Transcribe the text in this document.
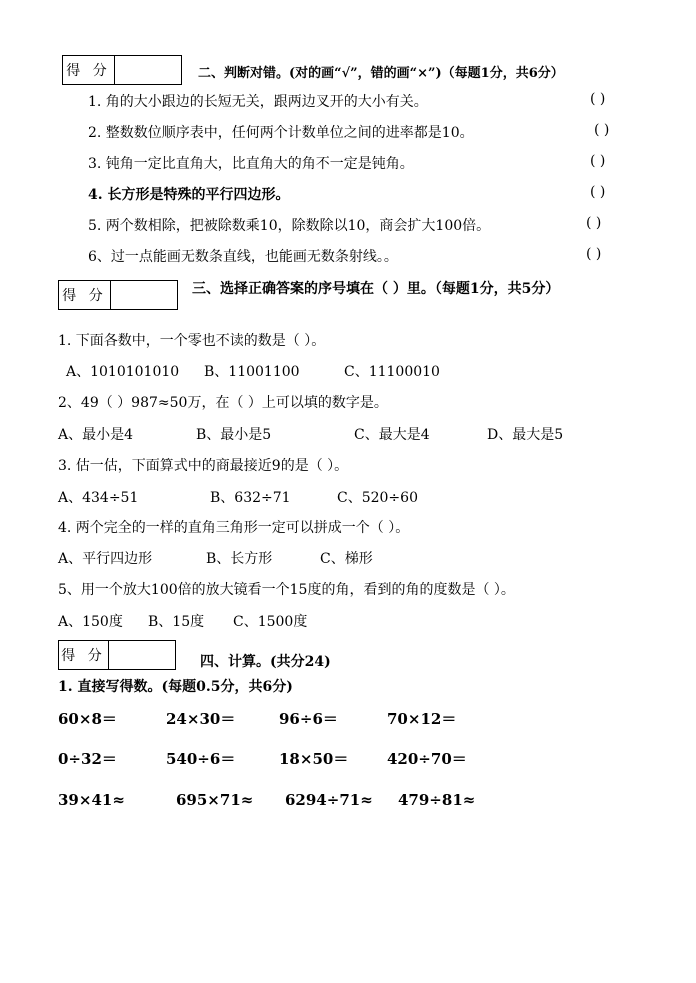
得 分	二、判断对错。(对的画“√”，错的画“×”)（每题1分，共6分）
1. 角的大小跟边的长短无关，跟两边叉开的大小有关。	( )
2. 整数数位顺序表中，任何两个计数单位之间的进率都是10。	( )
3. 钝角一定比直角大，比直角大的角不一定是钝角。	( )
4. 长方形是特殊的平行四边形。	( )
5. 两个数相除，把被除数乘10，除数除以10，商会扩大100倍。	( )
6、过一点能画无数条直线，也能画无数条射线。。	( )
得 分	三、选择正确答案的序号填在（ ）里。（每题1分，共5分）
1. 下面各数中，一个零也不读的数是（ ）。
A、1010101010 B、11001100	C、11100010
2、49（ ）987≈50万，在（ ）上可以填的数字是。
A、最小是4	B、最小是5	C、最大是4	D、最大是5
3. 估一估，下面算式中的商最接近9的是（ ）。
A、434÷51	B、632÷71	C、520÷60
4. 两个完全的一样的直角三角形一定可以拼成一个（ ）。
A、平行四边形	B、长方形	C、梯形
5、用一个放大100倍的放大镜看一个15度的角，看到的角的度数是（ ）。
A、150度 B、15度 C、1500度
得 分	四、计算。(共分24)
1. 直接写得数。(每题0.5分，共6分)
60×8＝	24×30＝	96÷6＝	70×12＝
0÷32＝	540÷6＝	18×50＝	420÷70＝
39×41≈	695×71≈ 6294÷71≈ 479÷81≈
